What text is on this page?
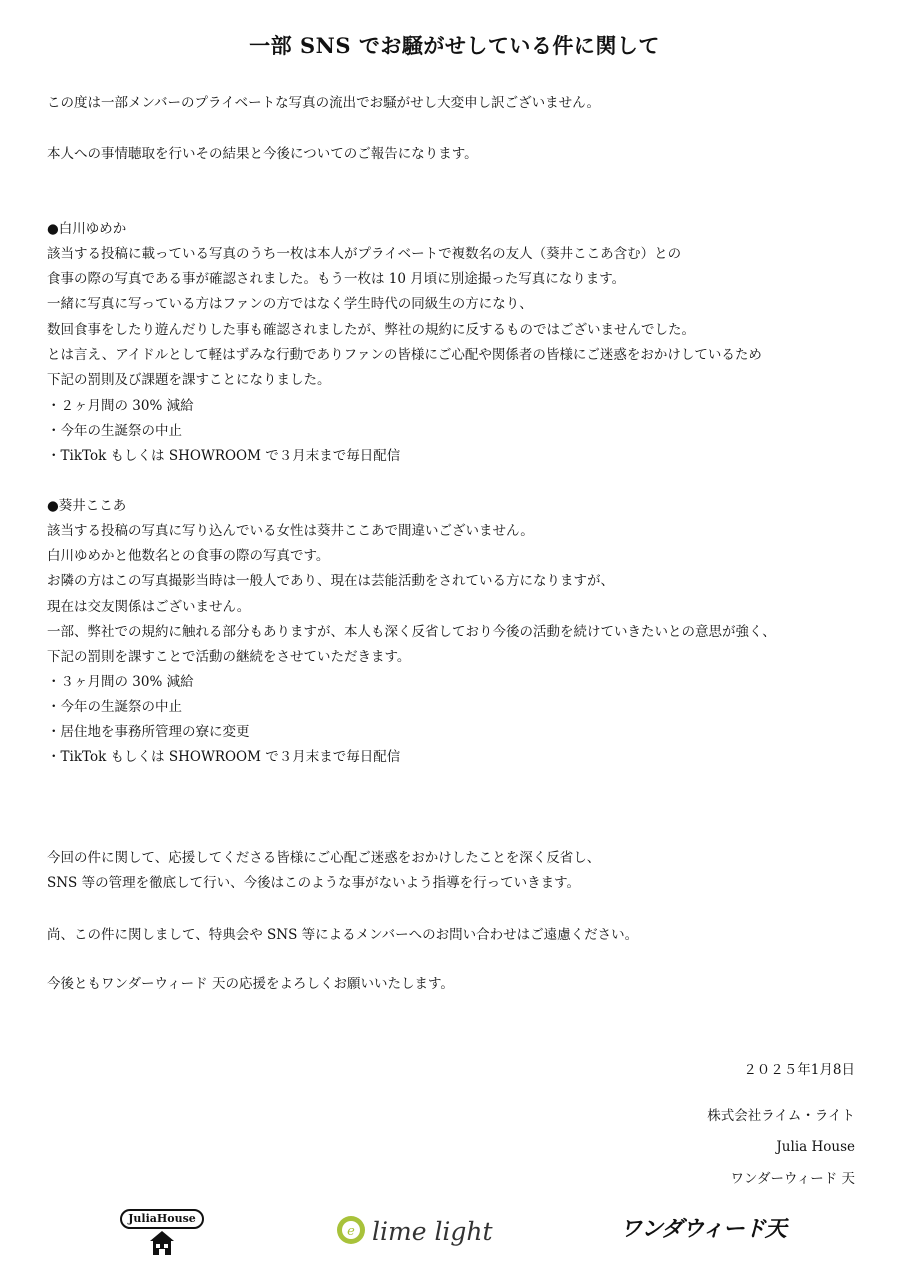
一部 SNS でお騒がせしている件に関して
この度は一部メンバーのプライベートな写真の流出でお騒がせし大変申し訳ございません。
本人への事情聴取を行いその結果と今後についてのご報告になります。
●白川ゆめか
該当する投稿に載っている写真のうち一枚は本人がプライベートで複数名の友人（葵井ここあ含む）との
食事の際の写真である事が確認されました。もう一枚は 10 月頃に別途撮った写真になります。
一緒に写真に写っている方はファンの方ではなく学生時代の同級生の方になり、
数回食事をしたり遊んだりした事も確認されましたが、弊社の規約に反するものではございませんでした。
とは言え、アイドルとして軽はずみな行動でありファンの皆様にご心配や関係者の皆様にご迷惑をおかけしているため
下記の罰則及び課題を課すことになりました。
・２ヶ月間の 30% 減給
・今年の生誕祭の中止
・TikTok もしくは SHOWROOM で３月末まで毎日配信
●葵井ここあ
該当する投稿の写真に写り込んでいる女性は葵井ここあで間違いございません。
白川ゆめかと他数名との食事の際の写真です。
お隣の方はこの写真撮影当時は一般人であり、現在は芸能活動をされている方になりますが、
現在は交友関係はございません。
一部、弊社での規約に触れる部分もありますが、本人も深く反省しており今後の活動を続けていきたいとの意思が強く、
下記の罰則を課すことで活動の継続をさせていただきます。
・３ヶ月間の 30% 減給
・今年の生誕祭の中止
・居住地を事務所管理の寮に変更
・TikTok もしくは SHOWROOM で３月末まで毎日配信
今回の件に関して、応援してくださる皆様にご心配ご迷惑をおかけしたことを深く反省し、
SNS 等の管理を徹底して行い、今後はこのような事がないよう指導を行っていきます。
尚、この件に関しまして、特典会や SNS 等によるメンバーへのお問い合わせはご遠慮ください。
今後ともワンダーウィード 天の応援をよろしくお願いいたします。
２０２５年1月8日
株式会社ライム・ライト
Julia House
ワンダーウィード 天
JuliaHouse
e lime light	ワンダウィード天
